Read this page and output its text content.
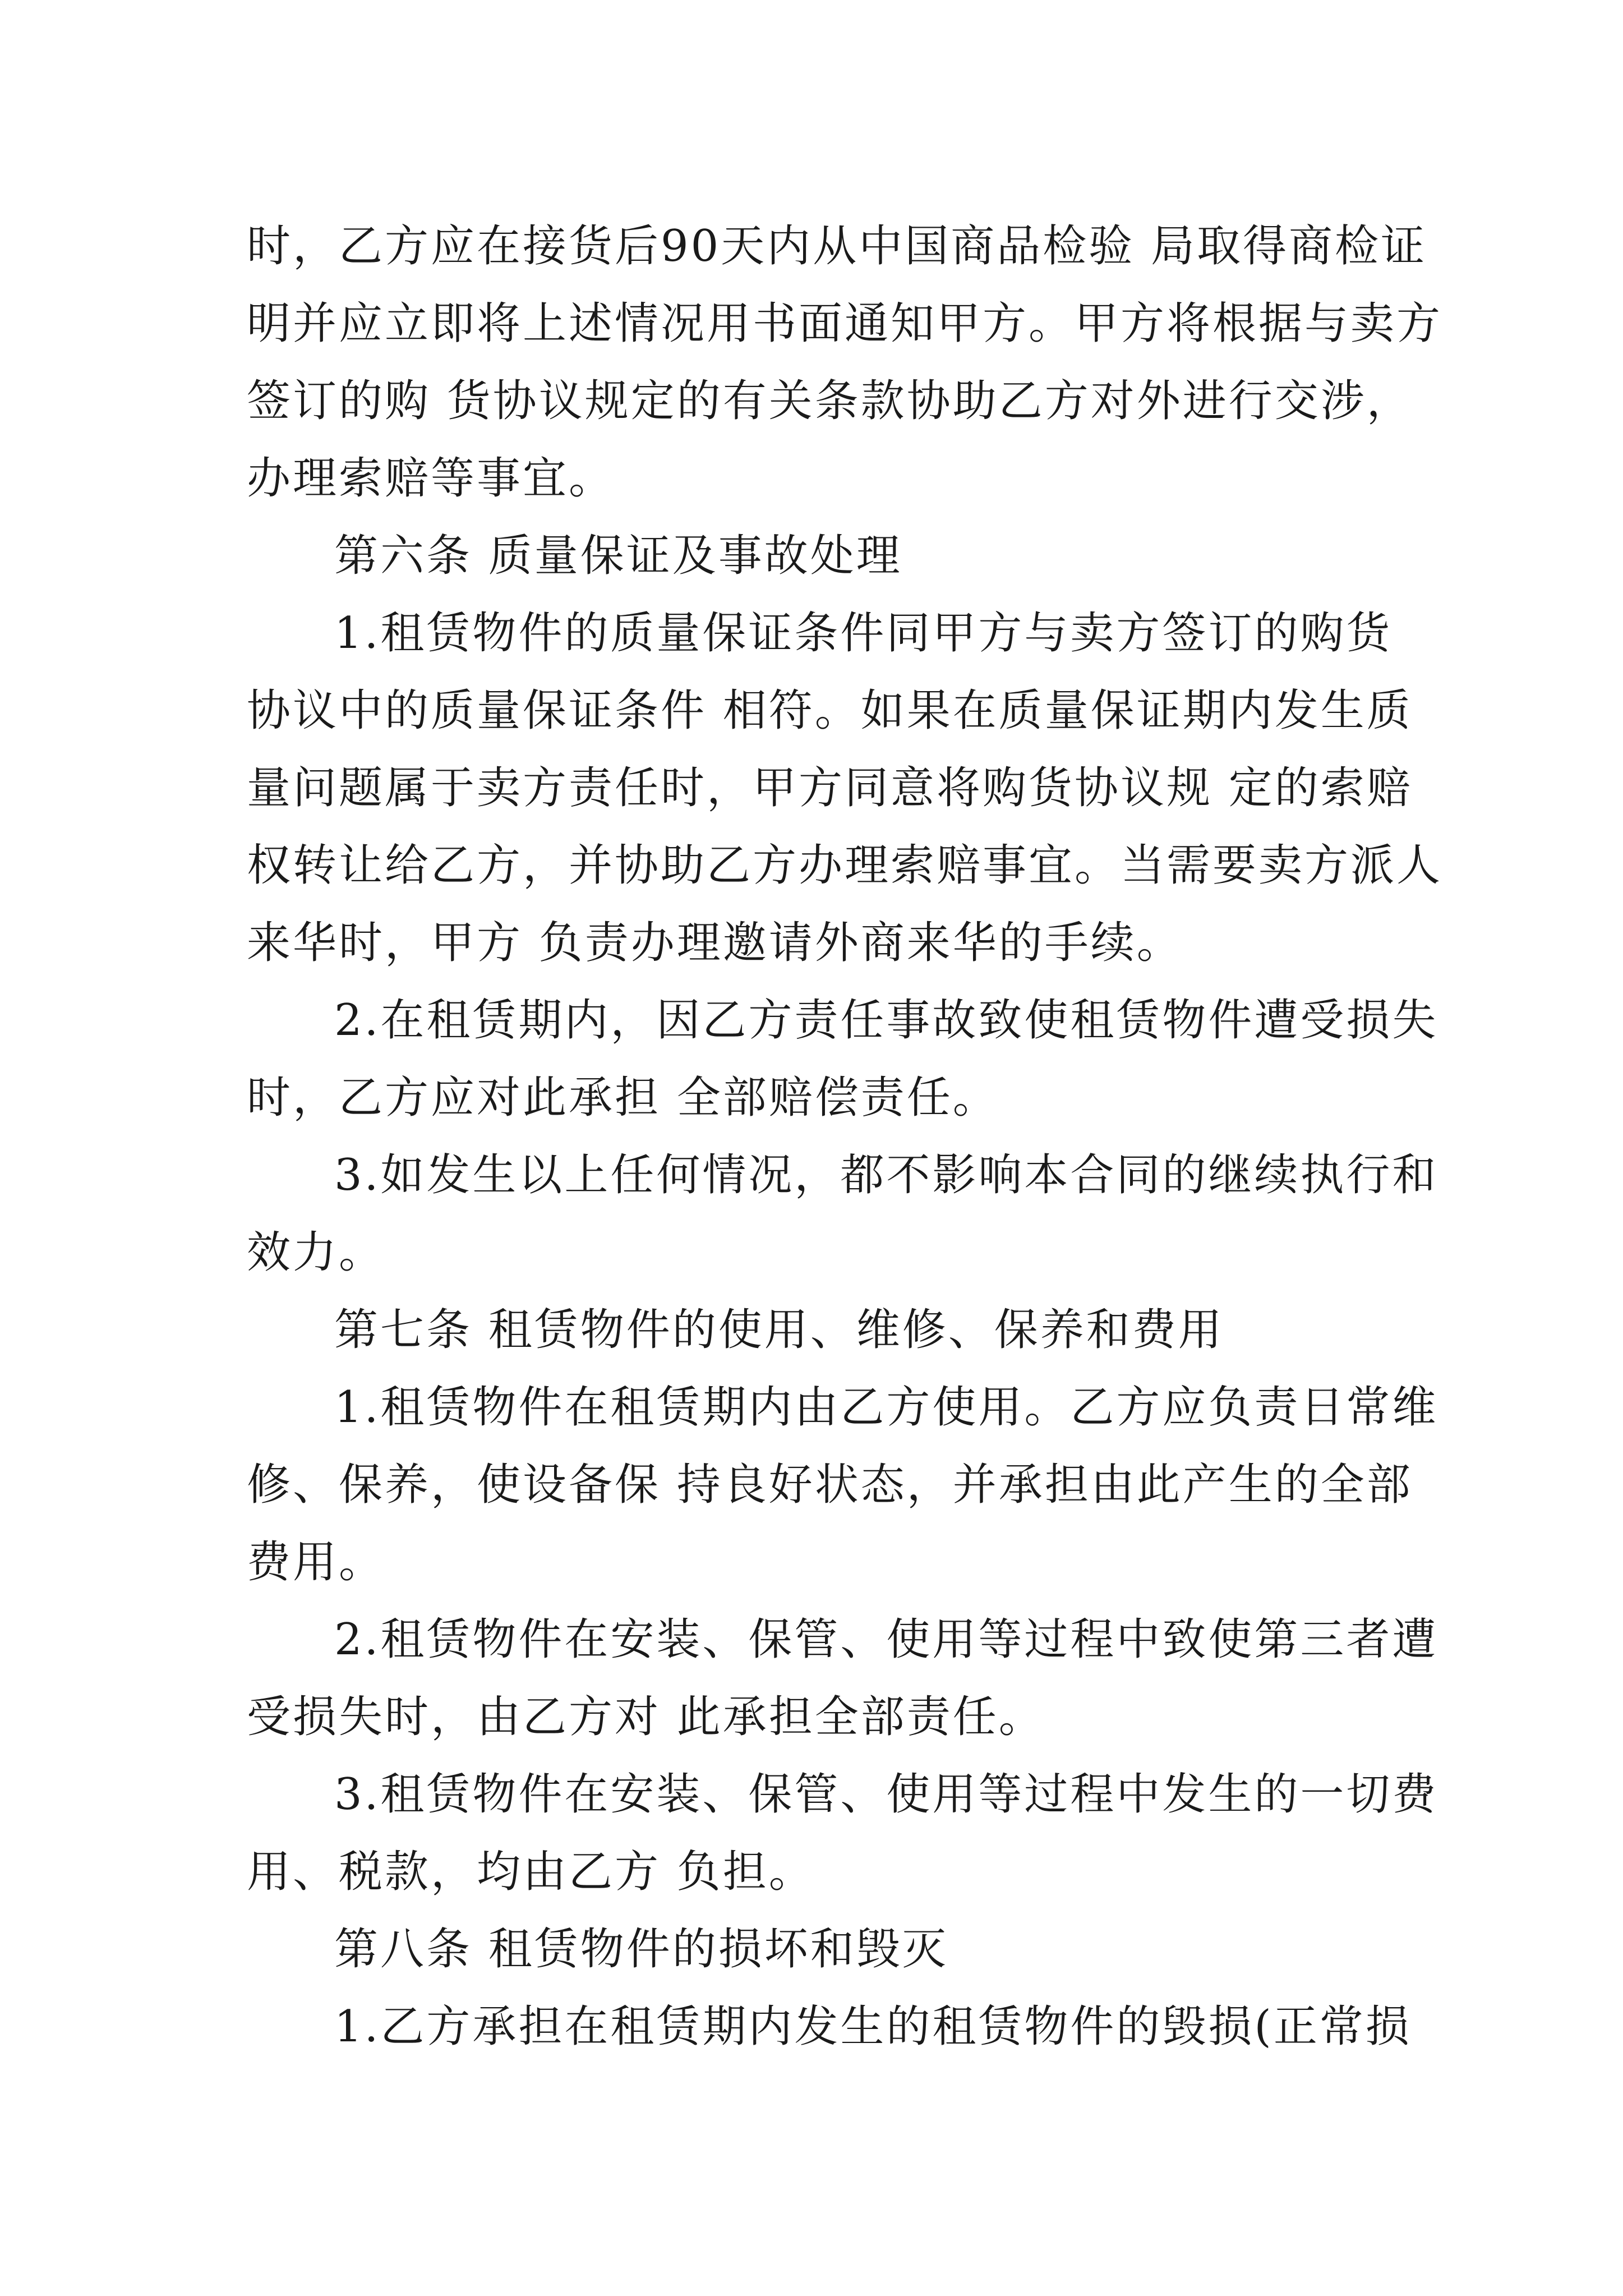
时，乙方应在接货后90天内从中国商品检验 局取得商检证
明并应立即将上述情况用书面通知甲方。甲方将根据与卖方
签订的购 货协议规定的有关条款协助乙方对外进行交涉，
办理索赔等事宜。
第六条 质量保证及事故处理
1.租赁物件的质量保证条件同甲方与卖方签订的购货
协议中的质量保证条件 相符。如果在质量保证期内发生质
量问题属于卖方责任时，甲方同意将购货协议规 定的索赔
权转让给乙方，并协助乙方办理索赔事宜。当需要卖方派人
来华时，甲方 负责办理邀请外商来华的手续。
2.在租赁期内，因乙方责任事故致使租赁物件遭受损失
时，乙方应对此承担 全部赔偿责任。
3.如发生以上任何情况，都不影响本合同的继续执行和
效力。
第七条 租赁物件的使用、维修、保养和费用
1.租赁物件在租赁期内由乙方使用。乙方应负责日常维
修、保养，使设备保 持良好状态，并承担由此产生的全部
费用。
2.租赁物件在安装、保管、使用等过程中致使第三者遭
受损失时，由乙方对 此承担全部责任。
3.租赁物件在安装、保管、使用等过程中发生的一切费
用、税款，均由乙方 负担。
第八条 租赁物件的损坏和毁灭
1.乙方承担在租赁期内发生的租赁物件的毁损(正常损
